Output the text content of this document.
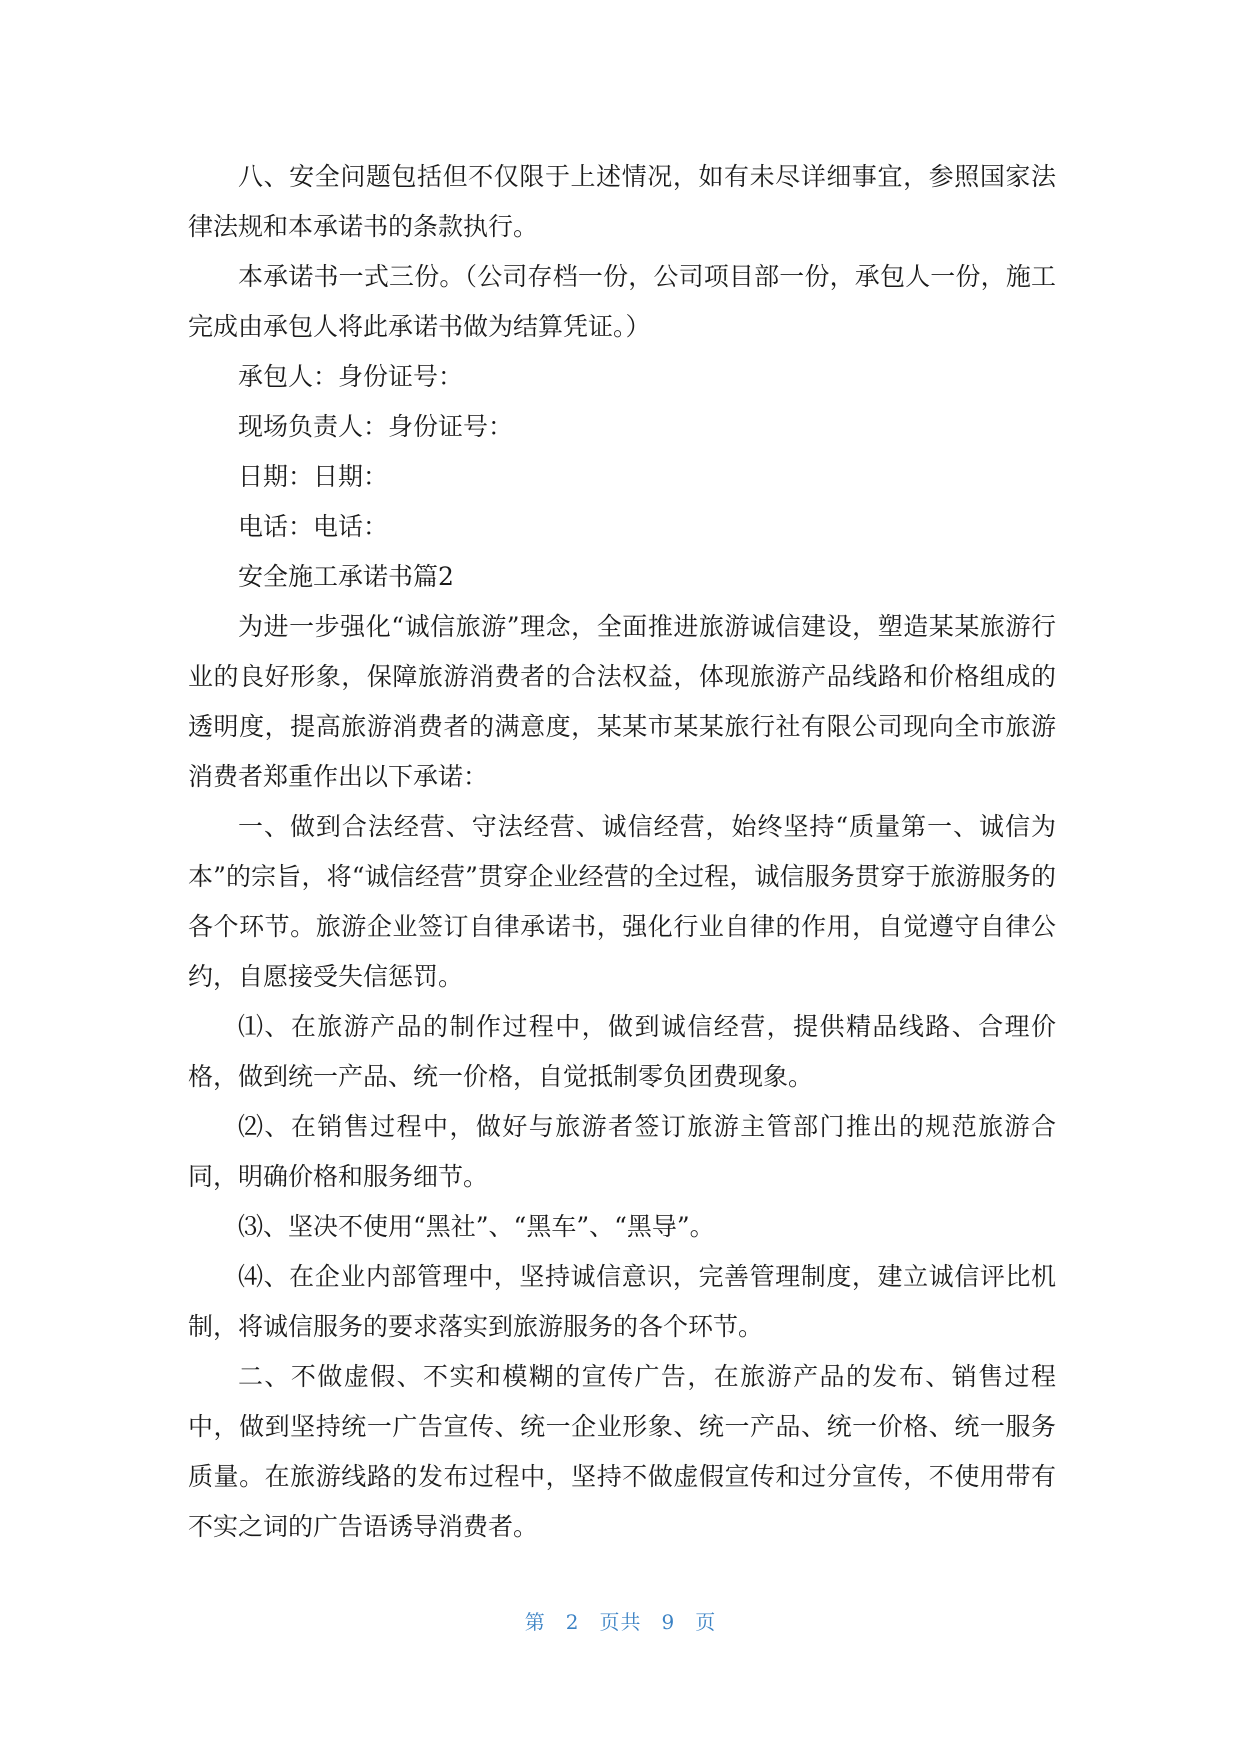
八、安全问题包括但不仅限于上述情况，如有未尽详细事宜，参照国家法律法规和本承诺书的条款执行。

本承诺书一式三份。（公司存档一份，公司项目部一份，承包人一份，施工完成由承包人将此承诺书做为结算凭证。）

承包人：身份证号：

现场负责人：身份证号：

日期：日期：

电话：电话：

安全施工承诺书篇2

为进一步强化“诚信旅游”理念，全面推进旅游诚信建设，塑造某某旅游行业的良好形象，保障旅游消费者的合法权益，体现旅游产品线路和价格组成的透明度，提高旅游消费者的满意度，某某市某某旅行社有限公司现向全市旅游消费者郑重作出以下承诺：

一、做到合法经营、守法经营、诚信经营，始终坚持“质量第一、诚信为本”的宗旨，将“诚信经营”贯穿企业经营的全过程，诚信服务贯穿于旅游服务的各个环节。旅游企业签订自律承诺书，强化行业自律的作用，自觉遵守自律公约，自愿接受失信惩罚。

⑴、在旅游产品的制作过程中，做到诚信经营，提供精品线路、合理价格，做到统一产品、统一价格，自觉抵制零负团费现象。

⑵、在销售过程中，做好与旅游者签订旅游主管部门推出的规范旅游合同，明确价格和服务细节。

⑶、坚决不使用“黑社”、“黑车”、“黑导”。

⑷、在企业内部管理中，坚持诚信意识，完善管理制度，建立诚信评比机制，将诚信服务的要求落实到旅游服务的各个环节。

二、不做虚假、不实和模糊的宣传广告，在旅游产品的发布、销售过程中，做到坚持统一广告宣传、统一企业形象、统一产品、统一价格、统一服务质量。在旅游线路的发布过程中，坚持不做虚假宣传和过分宣传，不使用带有不实之词的广告语诱导消费者。

第 2 页共 9 页
